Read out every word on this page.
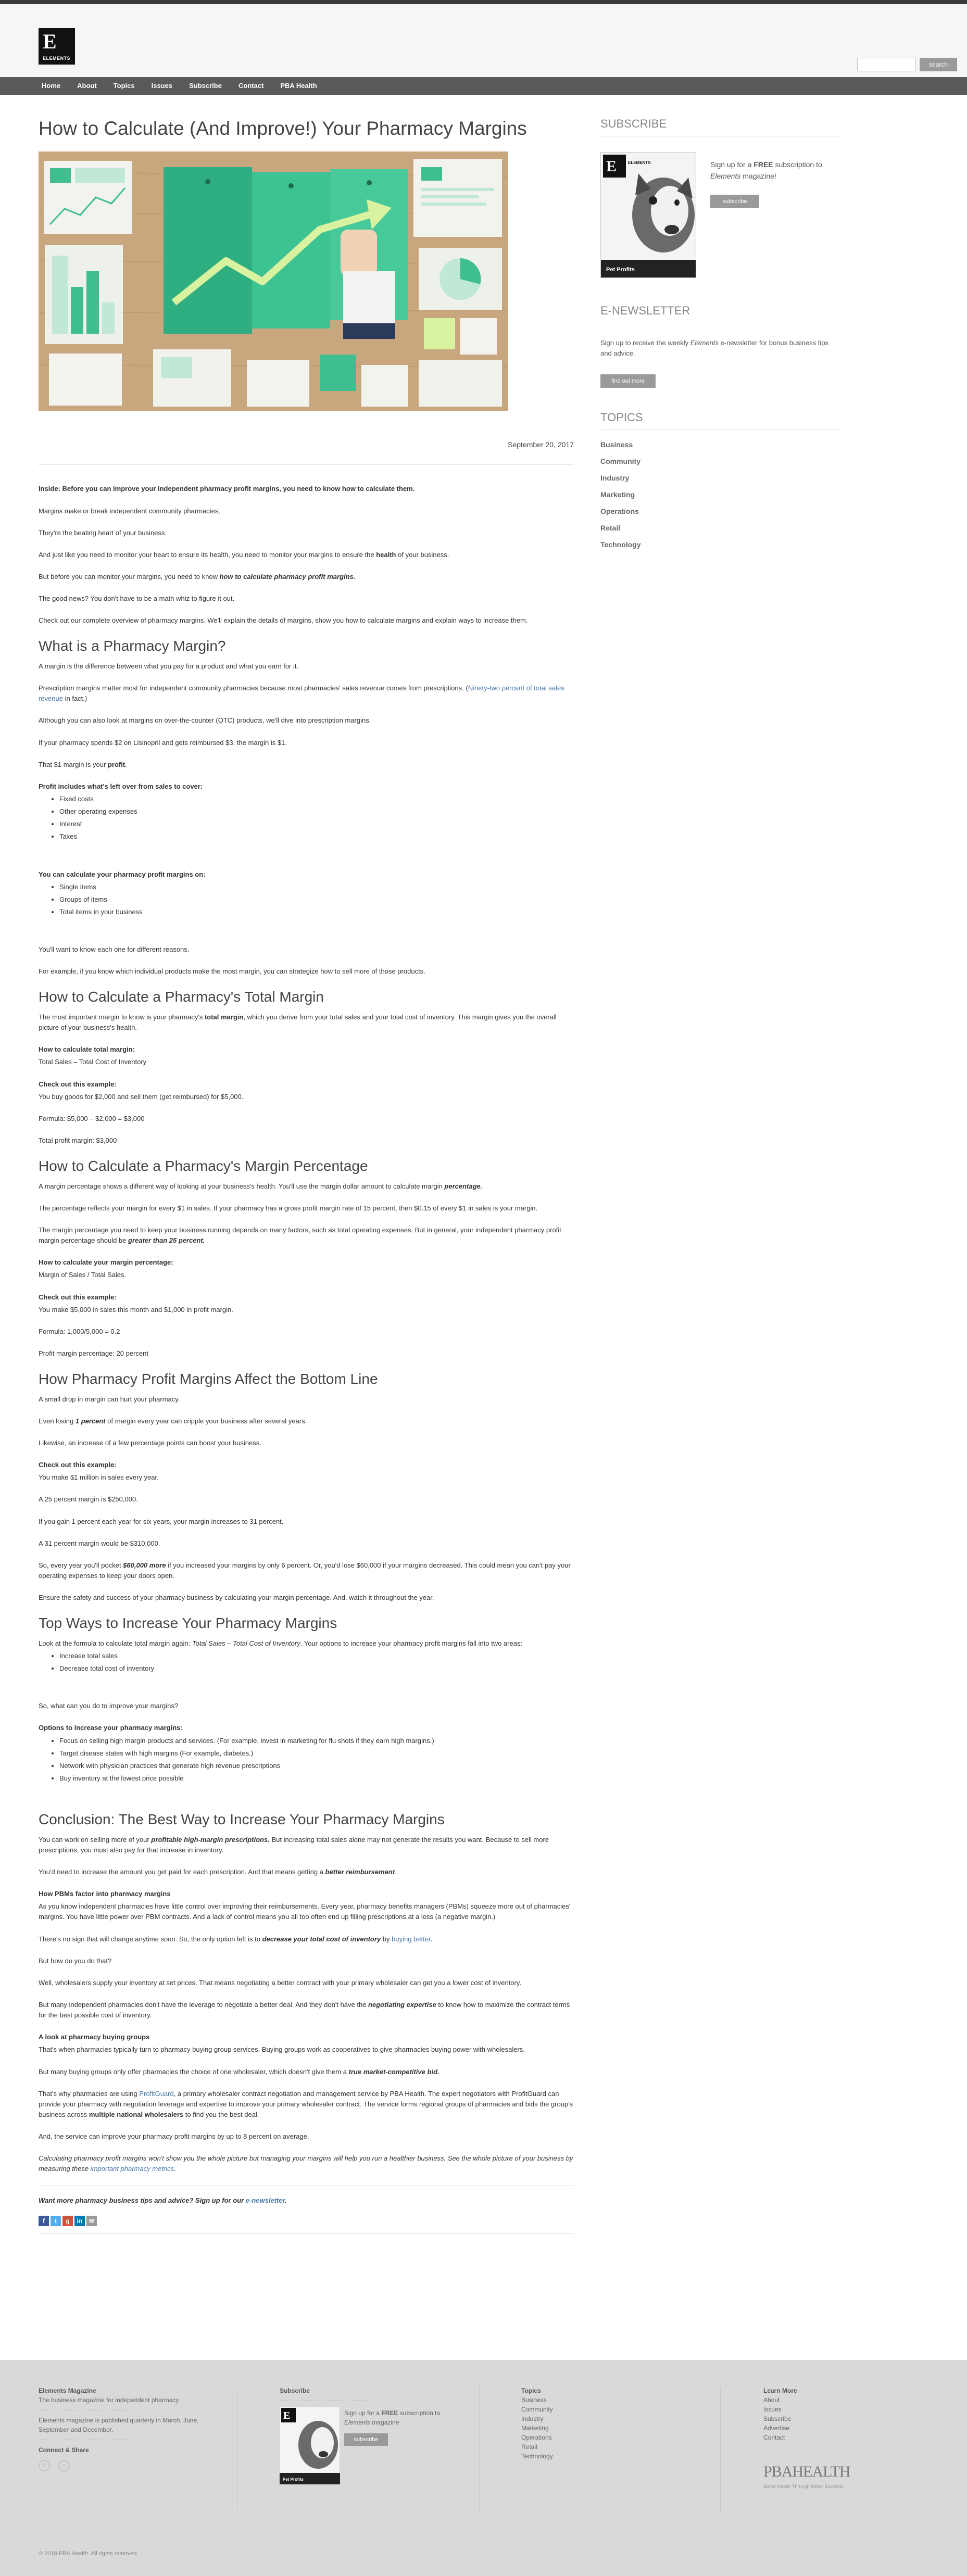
E
ELEMENTS
search
Home	About	Topics	Issues	Subscribe	Contact	PBA Health
How to Calculate (And Improve!) Your Pharmacy Margins
September 20, 2017

Inside: Before you can improve your independent pharmacy profit margins, you need to know how to calculate them.

Margins make or break independent community pharmacies.

They're the beating heart of your business.

And just like you need to monitor your heart to ensure its health, you need to monitor your margins to ensure the health of your business.

But before you can monitor your margins, you need to know how to calculate pharmacy profit margins.

The good news? You don't have to be a math whiz to figure it out.

Check out our complete overview of pharmacy margins. We'll explain the details of margins, show you how to calculate margins and explain ways to increase them.

What is a Pharmacy Margin?

A margin is the difference between what you pay for a product and what you earn for it.

Prescription margins matter most for independent community pharmacies because most pharmacies' sales revenue comes from prescriptions. (Ninety-two percent of total sales revenue in fact.)

Although you can also look at margins on over-the-counter (OTC) products, we'll dive into prescription margins.

If your pharmacy spends $2 on Lisinopril and gets reimbursed $3, the margin is $1.

That $1 margin is your profit.

Profit includes what's left over from sales to cover:

• Fixed costs
• Other operating expenses
• Interest
• Taxes

You can calculate your pharmacy profit margins on:

• Single items
• Groups of items
• Total items in your business

You'll want to know each one for different reasons.

For example, if you know which individual products make the most margin, you can strategize how to sell more of those products.

How to Calculate a Pharmacy's Total Margin

The most important margin to know is your pharmacy's total margin, which you derive from your total sales and your total cost of inventory. This margin gives you the overall picture of your business's health.

How to calculate total margin:

Total Sales – Total Cost of Inventory

Check out this example:

You buy goods for $2,000 and sell them (get reimbursed) for $5,000.

Formula: $5,000 – $2,000 = $3,000

Total profit margin: $3,000

How to Calculate a Pharmacy's Margin Percentage

A margin percentage shows a different way of looking at your business's health. You'll use the margin dollar amount to calculate margin percentage.

The percentage reflects your margin for every $1 in sales. If your pharmacy has a gross profit margin rate of 15 percent, then $0.15 of every $1 in sales is your margin.

The margin percentage you need to keep your business running depends on many factors, such as total operating expenses. But in general, your independent pharmacy profit margin percentage should be greater than 25 percent.

How to calculate your margin percentage:

Margin of Sales / Total Sales.

Check out this example:

You make $5,000 in sales this month and $1,000 in profit margin.

Formula: 1,000/5,000 = 0.2

Profit margin percentage: 20 percent

How Pharmacy Profit Margins Affect the Bottom Line

A small drop in margin can hurt your pharmacy.

Even losing 1 percent of margin every year can cripple your business after several years.

Likewise, an increase of a few percentage points can boost your business.

Check out this example:

You make $1 million in sales every year.

A 25 percent margin is $250,000.

If you gain 1 percent each year for six years, your margin increases to 31 percent.

A 31 percent margin would be $310,000.

So, every year you'll pocket $60,000 more if you increased your margins by only 6 percent. Or, you'd lose $60,000 if your margins decreased. This could mean you can't pay your operating expenses to keep your doors open.

Ensure the safety and success of your pharmacy business by calculating your margin percentage. And, watch it throughout the year.

Top Ways to Increase Your Pharmacy Margins

Look at the formula to calculate total margin again: Total Sales – Total Cost of Inventory. Your options to increase your pharmacy profit margins fall into two areas:

• Increase total sales
• Decrease total cost of inventory

So, what can you do to improve your margins?

Options to increase your pharmacy margins:

• Focus on selling high margin products and services. (For example, invest in marketing for flu shots if they earn high margins.)
• Target disease states with high margins (For example, diabetes.)
• Network with physician practices that generate high revenue prescriptions
• Buy inventory at the lowest price possible
Conclusion: The Best Way to Increase Your Pharmacy Margins

You can work on selling more of your profitable high-margin prescriptions. But increasing total sales alone may not generate the results you want. Because to sell more prescriptions, you must also pay for that increase in inventory.

You'd need to increase the amount you get paid for each prescription. And that means getting a better reimbursement.

How PBMs factor into pharmacy margins

As you know independent pharmacies have little control over improving their reimbursements. Every year, pharmacy benefits managers (PBMs) squeeze more out of pharmacies' margins. You have little power over PBM contracts. And a lack of control means you all too often end up filling prescriptions at a loss (a negative margin.)

There's no sign that will change anytime soon. So, the only option left is to decrease your total cost of inventory by buying better.

But how do you do that?

Well, wholesalers supply your inventory at set prices. That means negotiating a better contract with your primary wholesaler can get you a lower cost of inventory.

But many independent pharmacies don't have the leverage to negotiate a better deal. And they don't have the negotiating expertise to know how to maximize the contract terms for the best possible cost of inventory.

A look at pharmacy buying groups

That's when pharmacies typically turn to pharmacy buying group services. Buying groups work as cooperatives to give pharmacies buying power with wholesalers.

But many buying groups only offer pharmacies the choice of one wholesaler, which doesn't give them a true market-competitive bid.

That's why pharmacies are using ProfitGuard, a primary wholesaler contract negotiation and management service by PBA Health. The expert negotiators with ProfitGuard can provide your pharmacy with negotiation leverage and expertise to improve your primary wholesaler contract. The service forms regional groups of pharmacies and bids the group's business across multiple national wholesalers to find you the best deal.

And, the service can improve your pharmacy profit margins by up to 8 percent on average.

Calculating pharmacy profit margins won't show you the whole picture but managing your margins will help you run a healthier business. See the whole picture of your business by measuring these important pharmacy metrics.

Want more pharmacy business tips and advice? Sign up for our e-newsletter.

f	t	g	in	✉
SUBSCRIBE
E	ELEMENTS
Pet Profits
Sign up for a FREE subscription to Elements magazine!
subscribe
E-NEWSLETTER
Sign up to receive the weekly Elements e-newsletter for bonus business tips and advice.
find out more
TOPICS
Business
Community
Industry
Marketing
Operations
Retail
Technology
Elements Magazine
The business magazine for independent pharmacy
Elements magazine is published quarterly in March, June, September and December.
Connect & Share
f	t
Subscribe
E
Pet Profits
Sign up for a FREE subscription to Elements magazine
subscribe
Topics
Business
Community
Industry
Marketing
Operations
Retail
Technology
Learn More
About
Issues
Subscribe
Advertise
Contact
PBAHEALTH
Better Health Through Better Business
© 2018 PBA Health. All rights reserved.
